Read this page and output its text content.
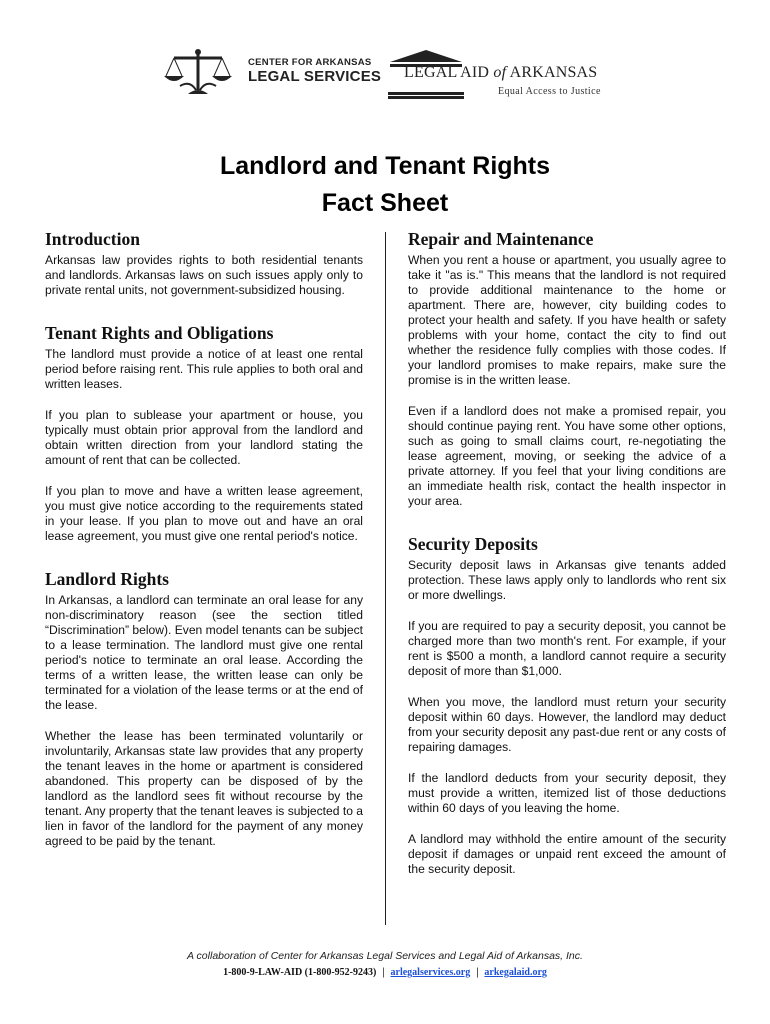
CENTER FOR ARKANSAS
LEGAL SERVICES LEGAL AID of ARKANSAS
Equal Access to Justice
Landlord and Tenant Rights
Fact Sheet
Introduction

Arkansas law provides rights to both residential tenants and landlords. Arkansas laws on such issues apply only to private rental units, not government-subsidized housing.

Tenant Rights and Obligations

The landlord must provide a notice of at least one rental period before raising rent. This rule applies to both oral and written leases.

If you plan to sublease your apartment or house, you typically must obtain prior approval from the landlord and obtain written direction from your landlord stating the amount of rent that can be collected.

If you plan to move and have a written lease agreement, you must give notice according to the requirements stated in your lease. If you plan to move out and have an oral lease agreement, you must give one rental period's notice.

Landlord Rights

In Arkansas, a landlord can terminate an oral lease for any non-discriminatory reason (see the section titled “Discrimination” below). Even model tenants can be subject to a lease termination. The landlord must give one rental period's notice to terminate an oral lease. According the terms of a written lease, the written lease can only be terminated for a violation of the lease terms or at the end of the lease.

Whether the lease has been terminated voluntarily or involuntarily, Arkansas state law provides that any property the tenant leaves in the home or apartment is considered abandoned. This property can be disposed of by the landlord as the landlord sees fit without recourse by the tenant. Any property that the tenant leaves is subjected to a lien in favor of the landlord for the payment of any money agreed to be paid by the tenant.

Repair and Maintenance

When you rent a house or apartment, you usually agree to take it "as is." This means that the landlord is not required to provide additional maintenance to the home or apartment. There are, however, city building codes to protect your health and safety. If you have health or safety problems with your home, contact the city to find out whether the residence fully complies with those codes. If your landlord promises to make repairs, make sure the promise is in the written lease.

Even if a landlord does not make a promised repair, you should continue paying rent. You have some other options, such as going to small claims court, re-negotiating the lease agreement, moving, or seeking the advice of a private attorney. If you feel that your living conditions are an immediate health risk, contact the health inspector in your area.

Security Deposits

Security deposit laws in Arkansas give tenants added protection. These laws apply only to landlords who rent six or more dwellings.

If you are required to pay a security deposit, you cannot be charged more than two month's rent. For example, if your rent is $500 a month, a landlord cannot require a security deposit of more than $1,000.

When you move, the landlord must return your security deposit within 60 days. However, the landlord may deduct from your security deposit any past-due rent or any costs of repairing damages.

If the landlord deducts from your security deposit, they must provide a written, itemized list of those deductions within 60 days of you leaving the home.

A landlord may withhold the entire amount of the security deposit if damages or unpaid rent exceed the amount of the security deposit.

A collaboration of Center for Arkansas Legal Services and Legal Aid of Arkansas, Inc.
1-800-9-LAW-AID (1-800-952-9243) | arlegalservices.org | arkegalaid.org
